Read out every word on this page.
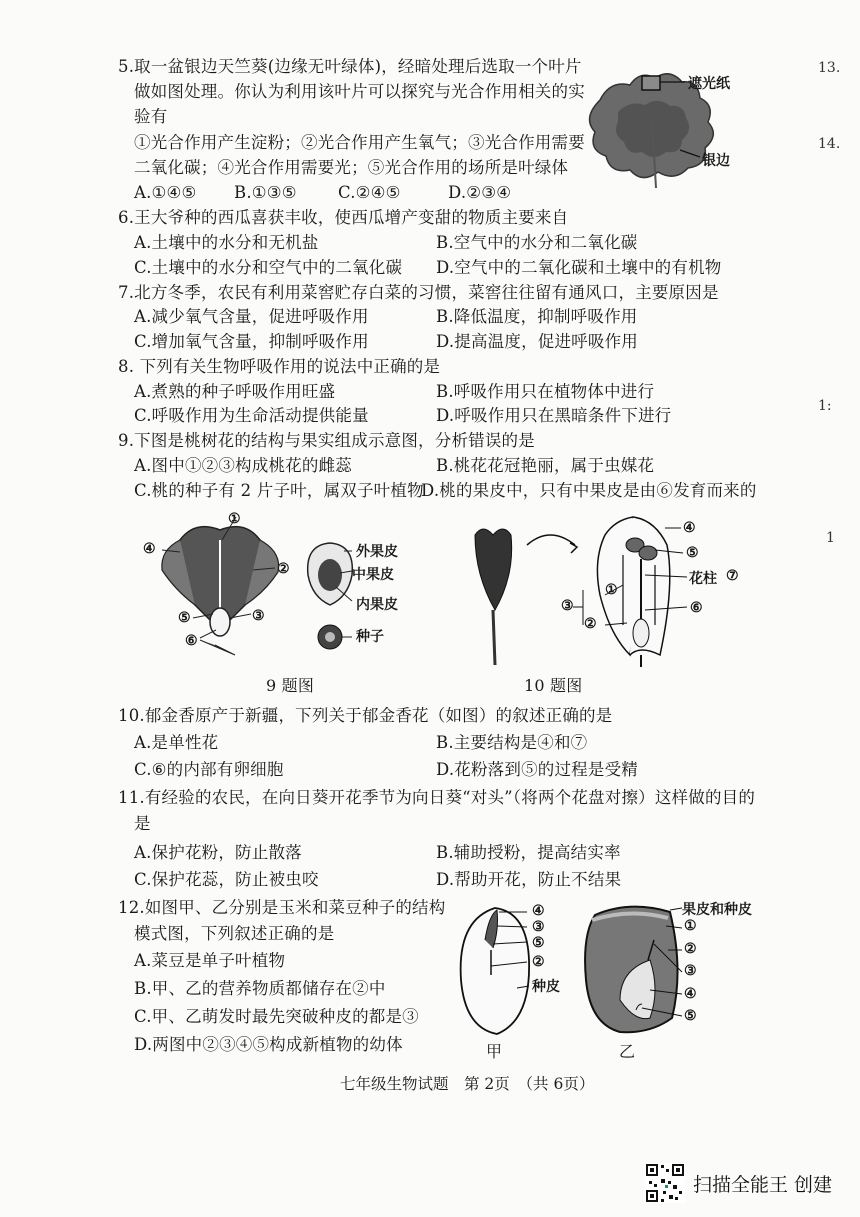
5.取一盆银边天竺葵(边缘无叶绿体)，经暗处理后选取一个叶片
做如图处理。你认为利用该叶片可以探究与光合作用相关的实
验有
①光合作用产生淀粉；②光合作用产生氧气；③光合作用需要
二氧化碳；④光合作用需要光；⑤光合作用的场所是叶绿体
A.①④⑤ B.①③⑤	C.②④⑤	D.②③④
遮光纸
银边
6.王大爷种的西瓜喜获丰收，使西瓜增产变甜的物质主要来自
A.土壤中的水分和无机盐	B.空气中的水分和二氧化碳
C.土壤中的水分和空气中的二氧化碳 D.空气中的二氧化碳和土壤中的有机物
7.北方冬季，农民有利用菜窖贮存白菜的习惯，菜窖往往留有通风口，主要原因是
A.减少氧气含量，促进呼吸作用	B.降低温度，抑制呼吸作用
C.增加氧气含量，抑制呼吸作用	D.提高温度，促进呼吸作用
8. 下列有关生物呼吸作用的说法中正确的是
A.煮熟的种子呼吸作用旺盛	B.呼吸作用只在植物体中进行
C.呼吸作用为生命活动提供能量	D.呼吸作用只在黑暗条件下进行
9.下图是桃树花的结构与果实组成示意图，分析错误的是
A.图中①②③构成桃花的雌蕊	B.桃花花冠艳丽，属于虫媒花
C.桃的种子有 2 片子叶，属双子叶植物
D.桃的果皮中，只有中果皮是由⑥发育而来的
①
④
②
⑤	③
⑥
外果皮
中果皮
内果皮
种子
9 题图
④
⑤
花柱 ⑦
⑥
①
③
②
10 题图
10.郁金香原产于新疆，下列关于郁金香花（如图）的叙述正确的是
A.是单性花	B.主要结构是④和⑦
C.⑥的内部有卵细胞	D.花粉落到⑤的过程是受精
11.有经验的农民，在向日葵开花季节为向日葵“对头”（将两个花盘对擦）这样做的目的
是
A.保护花粉，防止散落	B.辅助授粉，提高结实率
C.保护花蕊，防止被虫咬	D.帮助开花，防止不结果
12.如图甲、乙分别是玉米和菜豆种子的结构
模式图，下列叙述正确的是
A.菜豆是单子叶植物
B.甲、乙的营养物质都储存在②中
C.甲、乙萌发时最先突破种皮的都是③
D.两图中②③④⑤构成新植物的幼体
④
③
⑤
②
种皮
甲
果皮和种皮
①
②
③
④
⑤
乙
13.
14.
1:
1
七年级生物试题　第 2页　（共 6页）
扫描全能王 创建
